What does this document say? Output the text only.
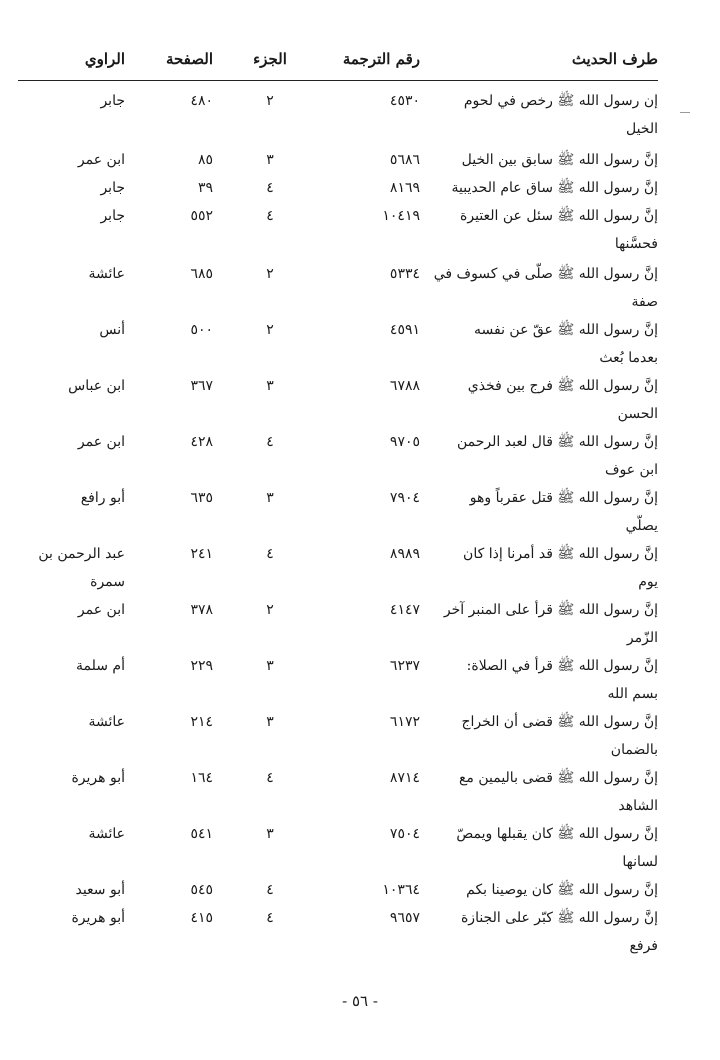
طرف الحديث
رقم الترجمة
الجزء
الصفحة
الراوي
إن رسول الله ﷺ رخص في لحوم
٤٥٣٠
٢
٤٨٠
جابر
الخيل
إنَّ رسول الله ﷺ سابق بين الخيل
٥٦٨٦
٣
٨٥
ابن عمر
إنَّ رسول الله ﷺ ساق عام الحديبية
٨١٦٩
٤
٣٩
جابر
إنَّ رسول الله ﷺ سئل عن العتيرة
١٠٤١٩
٤
٥٥٢
جابر
فحسَّنها
إنَّ رسول الله ﷺ صلّى في كسوف في
٥٣٣٤
٢
٦٨٥
عائشة
صفة
إنَّ رسول الله ﷺ عقّ عن نفسه
٤٥٩١
٢
٥٠٠
أنس
بعدما بُعث
إنَّ رسول الله ﷺ فرج بين فخذي
٦٧٨٨
٣
٣٦٧
ابن عباس
الحسن
إنَّ رسول الله ﷺ قال لعبد الرحمن
٩٧٠٥
٤
٤٢٨
ابن عمر
ابن عوف
إنَّ رسول الله ﷺ قتل عقرباً وهو
٧٩٠٤
٣
٦٣٥
أبو رافع
يصلّي
إنَّ رسول الله ﷺ قد أمرنا إذا كان
٨٩٨٩
٤
٢٤١
عبد الرحمن بن
يوم
سمرة
إنَّ رسول الله ﷺ قرأ على المنبر آخر
٤١٤٧
٢
٣٧٨
ابن عمر
الزّمر
إنَّ رسول الله ﷺ قرأ في الصلاة:
٦٢٣٧
٣
٢٢٩
أم سلمة
بسم الله
إنَّ رسول الله ﷺ قضى أن الخراج
٦١٧٢
٣
٢١٤
عائشة
بالضمان
إنَّ رسول الله ﷺ قضى باليمين مع
٨٧١٤
٤
١٦٤
أبو هريرة
الشاهد
إنَّ رسول الله ﷺ كان يقبلها ويمصّ
٧٥٠٤
٣
٥٤١
عائشة
لسانها
إنَّ رسول الله ﷺ كان يوصينا بكم
١٠٣٦٤
٤
٥٤٥
أبو سعيد
إنَّ رسول الله ﷺ كبّر على الجنازة
٩٦٥٧
٤
٤١٥
أبو هريرة
فرفع
- ٥٦ -
